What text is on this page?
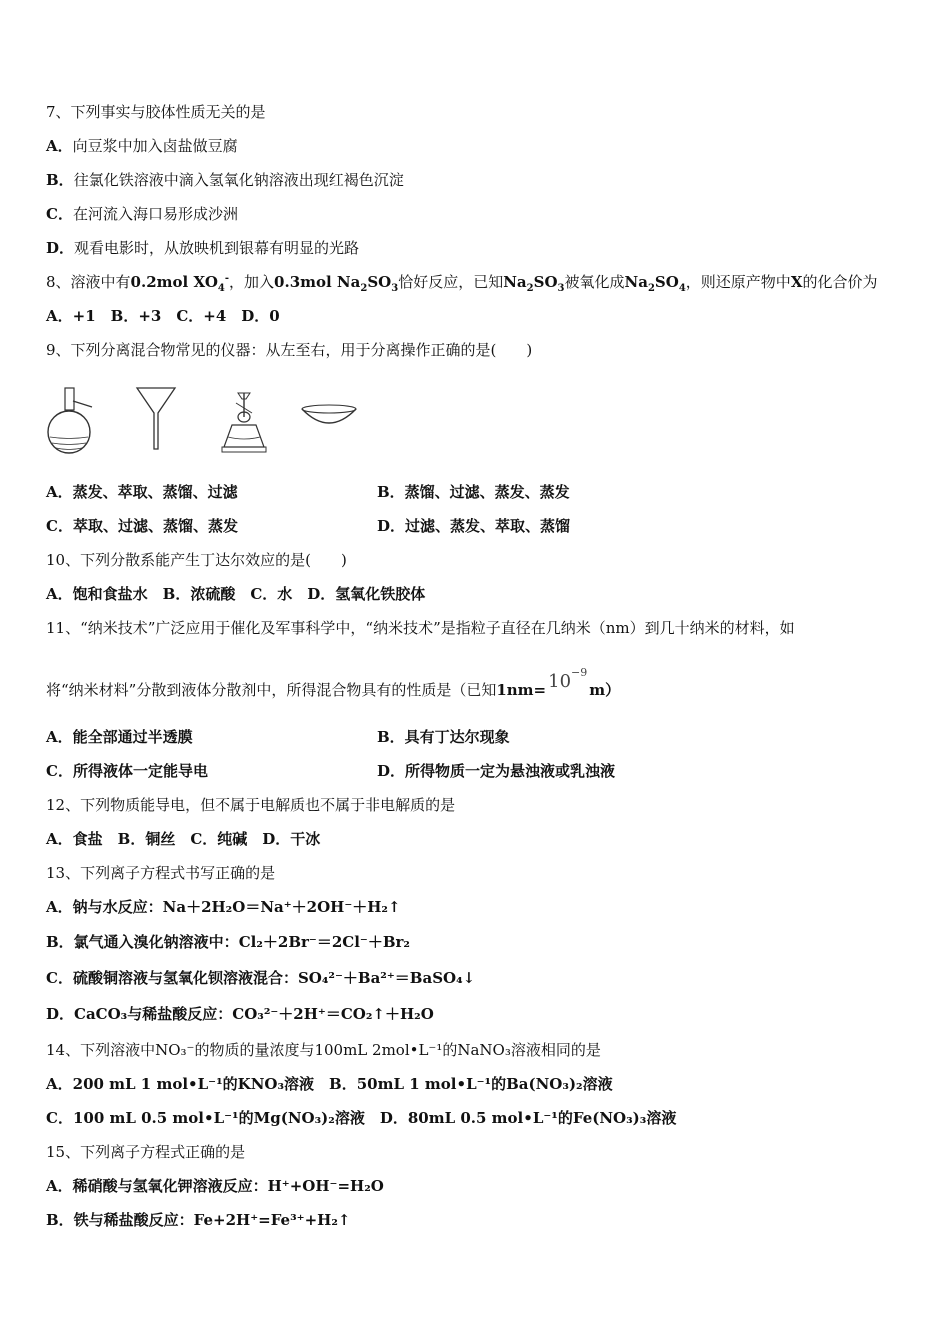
7、下列事实与胶体性质无关的是
A．向豆浆中加入卤盐做豆腐
B．往氯化铁溶液中滴入氢氧化钠溶液出现红褐色沉淀
C．在河流入海口易形成沙洲
D．观看电影时，从放映机到银幕有明显的光路
8、溶液中有0.2mol $XO_4^-$，加入0.3mol $Na_2SO_3$恰好反应，已知$Na_2SO_3$被氧化成$Na_2SO_4$，则还原产物中X的化合价为
A．+1　B．+3　C．+4　D．0
9、下列分离混合物常见的仪器：从左至右，用于分离操作正确的是(　　)
A．蒸发、萃取、蒸馏、过滤	B．蒸馏、过滤、蒸发、蒸发
C．萃取、过滤、蒸馏、蒸发	D．过滤、蒸发、萃取、蒸馏
10、下列分散系能产生丁达尔效应的是(　　)
A．饱和食盐水　B．浓硫酸　C．水　D．氢氧化铁胶体
11、“纳米技术”广泛应用于催化及军事科学中，“纳米技术”是指粒子直径在几纳米（nm）到几十纳米的材料，如
将“纳米材料”分散到液体分散剂中，所得混合物具有的性质是（已知$1nm= 10^{-9}m$）
A．能全部通过半透膜	B．具有丁达尔现象
C．所得液体一定能导电	D．所得物质一定为悬浊液或乳浊液
12、下列物质能导电，但不属于电解质也不属于非电解质的是
A．食盐　B．铜丝　C．纯碱　D．干冰
13、下列离子方程式书写正确的是
A．钠与水反应：Na＋2H₂O＝Na⁺＋2OH⁻＋H₂↑
B．氯气通入溴化钠溶液中：Cl₂＋2Br⁻＝2Cl⁻＋Br₂
C．硫酸铜溶液与氢氧化钡溶液混合：SO₄²⁻＋Ba²⁺＝BaSO₄↓
D．CaCO₃与稀盐酸反应：CO₃²⁻＋2H⁺＝CO₂↑＋H₂O
14、下列溶液中NO₃⁻的物质的量浓度与100mL 2mol•L⁻¹的NaNO₃溶液相同的是
A．200 mL 1 mol•L⁻¹的KNO₃溶液　B．50mL 1 mol•L⁻¹的Ba(NO₃)₂溶液
C．100 mL 0.5 mol•L⁻¹的Mg(NO₃)₂溶液　D．80mL 0.5 mol•L⁻¹的Fe(NO₃)₃溶液
15、下列离子方程式正确的是
A．稀硝酸与氢氧化钾溶液反应：H⁺+OH⁻=H₂O
B．铁与稀盐酸反应：Fe+2H⁺=Fe³⁺+H₂↑
